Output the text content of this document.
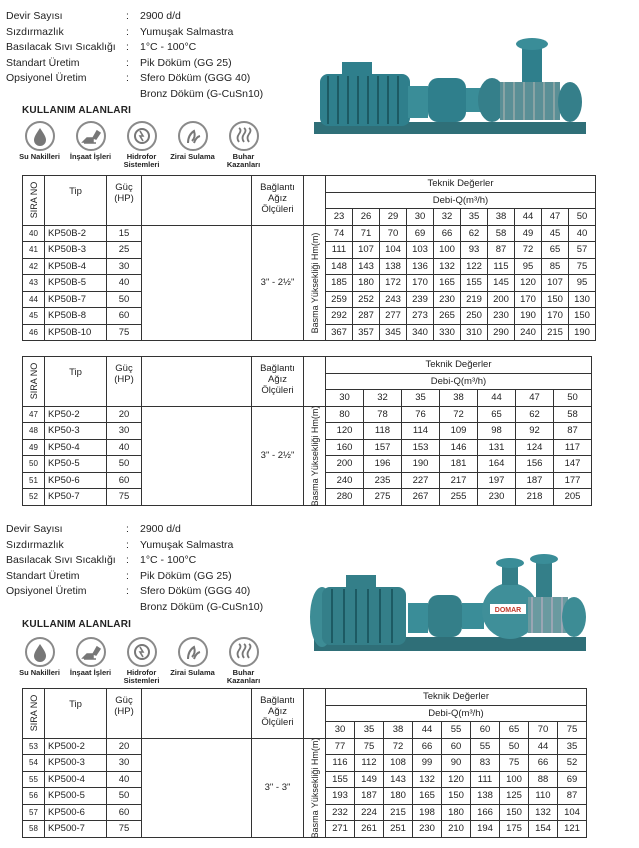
Devir Sayısı	:	2900 d/d
Sızdırmazlık	:	Yumuşak Salmastra
Basılacak Sıvı Sıcaklığı :	1°C - 100°C
Standart Üretim	:	Pik Döküm (GG 25)
Opsiyonel Üretim	:	Sfero Döküm (GGG 40)
Bronz Döküm (G-CuSn10)
KULLANIM ALANLARI
Su Nakilleri İnşaat İşleri	Hidrofor Sistemleri
Zirai Sulama	Buhar Kazanları
SIRA NO	Tip	Güç (HP)		Bağlantı Ağız Ölçüleri		Teknik Değerler									
						Debi-Q(m³/h)									
						23	26	29	30	32	35	38	44	47	50
40	KP50B-2	15		3" - 2½"	Basma Yüksekliği Hm(m)	74	71	70	69	66	62	58	49	45	40
41	KP50B-3	25				111	107	104	103	100	93	87	72	65	57
42	KP50B-4	30				148	143	138	136	132	122	115	95	85	75
43	KP50B-5	40				185	180	172	170	165	155	145	120	107	95
44	KP50B-7	50				259	252	243	239	230	219	200	170	150	130
45	KP50B-8	60				292	287	277	273	265	250	230	190	170	150
46	KP50B-10	75				367	357	345	340	330	310	290	240	215	190
SIRA NO	Tip	Güç (HP)		Bağlantı Ağız Ölçüleri		Teknik Değerler						
						Debi-Q(m³/h)						
						30	32	35	38	44	47	50
47	KP50-2	20		3" - 2½"	Basma Yüksekliği Hm(m)	80	78	76	72	65	62	58
48	KP50-3	30				120	118	114	109	98	92	87
49	KP50-4	40				160	157	153	146	131	124	117
50	KP50-5	50				200	196	190	181	164	156	147
51	KP50-6	60				240	235	227	217	197	187	177
52	KP50-7	75				280	275	267	255	230	218	205
Devir Sayısı	:	2900 d/d
Sızdırmazlık	:	Yumuşak Salmastra
Basılacak Sıvı Sıcaklığı :	1°C - 100°C
Standart Üretim	:	Pik Döküm (GG 25)
Opsiyonel Üretim	:	Sfero Döküm (GGG 40)
Bronz Döküm (G-CuSn10)
KULLANIM ALANLARI
Su Nakilleri İnşaat İşleri	Hidrofor Sistemleri
Zirai Sulama	Buhar Kazanları
DOMAR
SIRA NO	Tip	Güç (HP)		Bağlantı Ağız Ölçüleri		Teknik Değerler								
						Debi-Q(m³/h)								
						30	35	38	44	55	60	65	70	75
53	KP500-2	20		3" - 3"	Basma Yüksekliği Hm(m)	77	75	72	66	60	55	50	44	35
54	KP500-3	30				116	112	108	99	90	83	75	66	52
55	KP500-4	40				155	149	143	132	120	111	100	88	69
56	KP500-5	50				193	187	180	165	150	138	125	110	87
57	KP500-6	60				232	224	215	198	180	166	150	132	104
58	KP500-7	75				271	261	251	230	210	194	175	154	121
